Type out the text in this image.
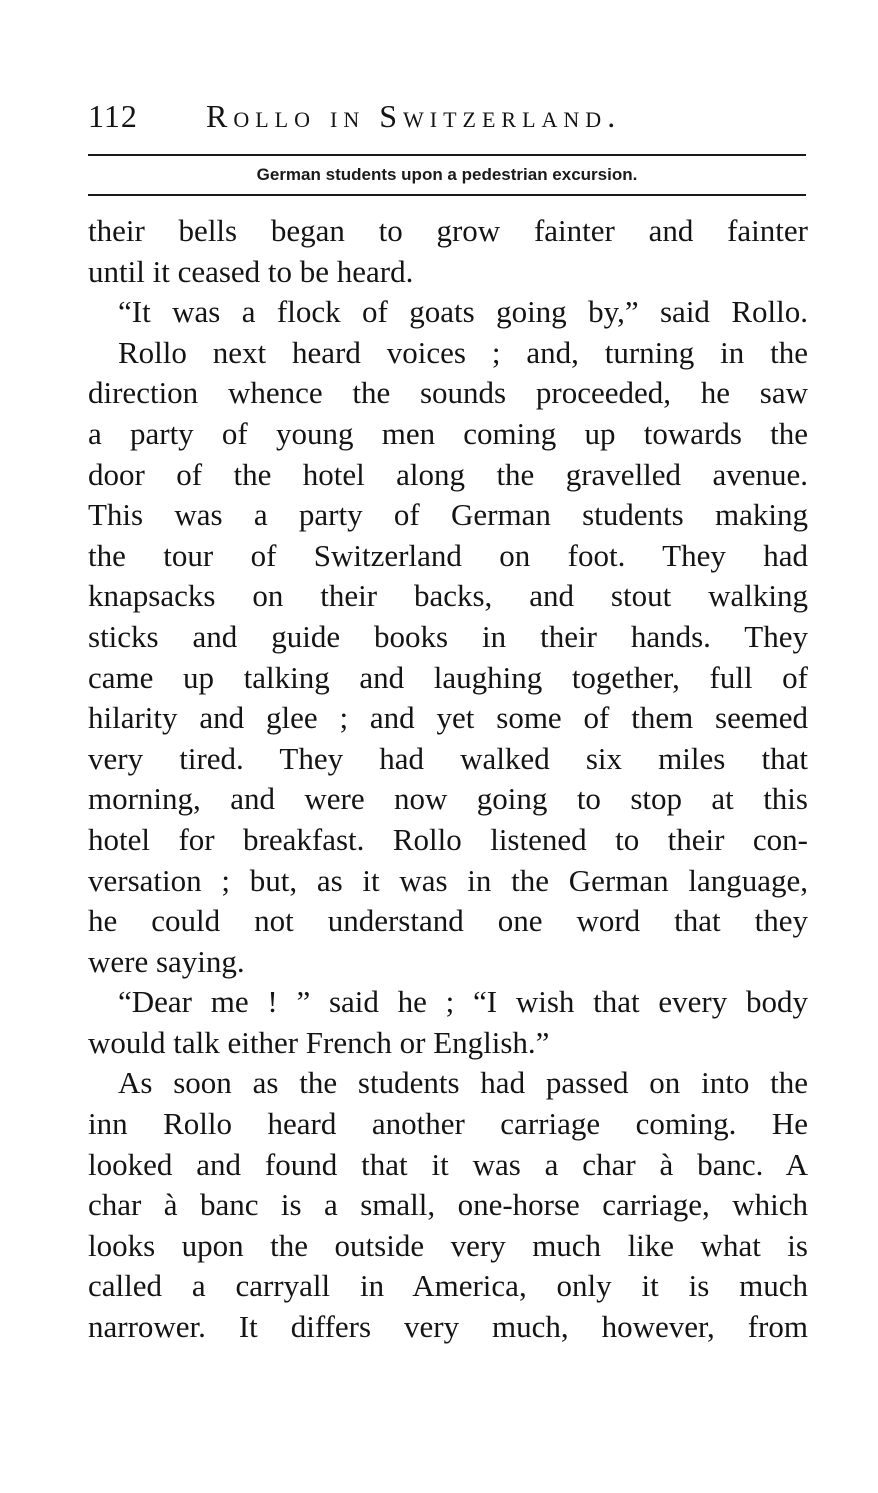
112 Rollo in Switzerland.
German students upon a pedestrian excursion.
their bells began to grow fainter and fainter
until it ceased to be heard.
“It was a flock of goats going by,” said Rollo.
Rollo next heard voices ; and, turning in the
direction whence the sounds proceeded, he saw
a party of young men coming up towards the
door of the hotel along the gravelled avenue.
This was a party of German students making
the tour of Switzerland on foot. They had
knapsacks on their backs, and stout walking
sticks and guide books in their hands. They
came up talking and laughing together, full of
hilarity and glee ; and yet some of them seemed
very tired. They had walked six miles that
morning, and were now going to stop at this
hotel for breakfast. Rollo listened to their con-
versation ; but, as it was in the German language,
he could not understand one word that they
were saying.
“Dear me ! ” said he ; “I wish that every body
would talk either French or English.”
As soon as the students had passed on into the
inn Rollo heard another carriage coming. He
looked and found that it was a char à banc. A
char à banc is a small, one-horse carriage, which
looks upon the outside very much like what is
called a carryall in America, only it is much
narrower. It differs very much, however, from
